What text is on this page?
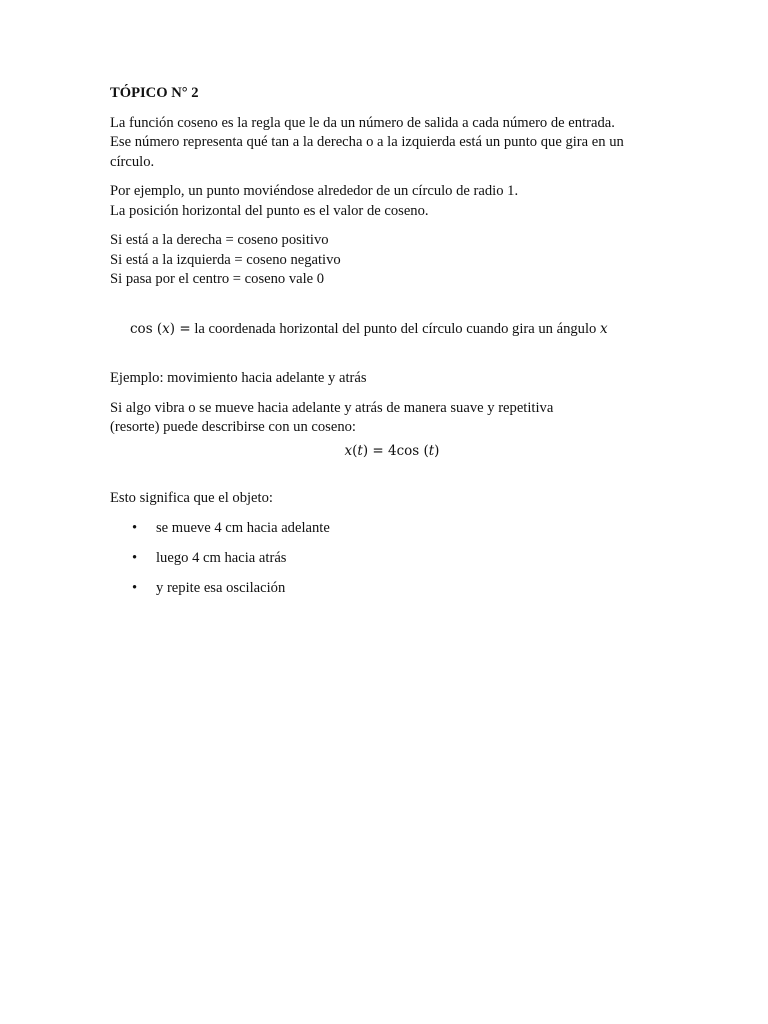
TÓPICO N° 2
La función coseno es la regla que le da un número de salida a cada número de entrada.
Ese número representa qué tan a la derecha o a la izquierda está un punto que gira en un
círculo.
Por ejemplo, un punto moviéndose alrededor de un círculo de radio 1.
La posición horizontal del punto es el valor de coseno.
Si está a la derecha = coseno positivo
Si está a la izquierda = coseno negativo
Si pasa por el centro = coseno vale 0
cos (𝑥) = la coordenada horizontal del punto del círculo cuando gira un ángulo 𝑥
Ejemplo: movimiento hacia adelante y atrás
Si algo vibra o se mueve hacia adelante y atrás de manera suave y repetitiva
(resorte) puede describirse con un coseno:
𝑥(𝑡) = 4cos (𝑡)
Esto significa que el objeto:
• se mueve 4 cm hacia adelante
• luego 4 cm hacia atrás
• y repite esa oscilación
